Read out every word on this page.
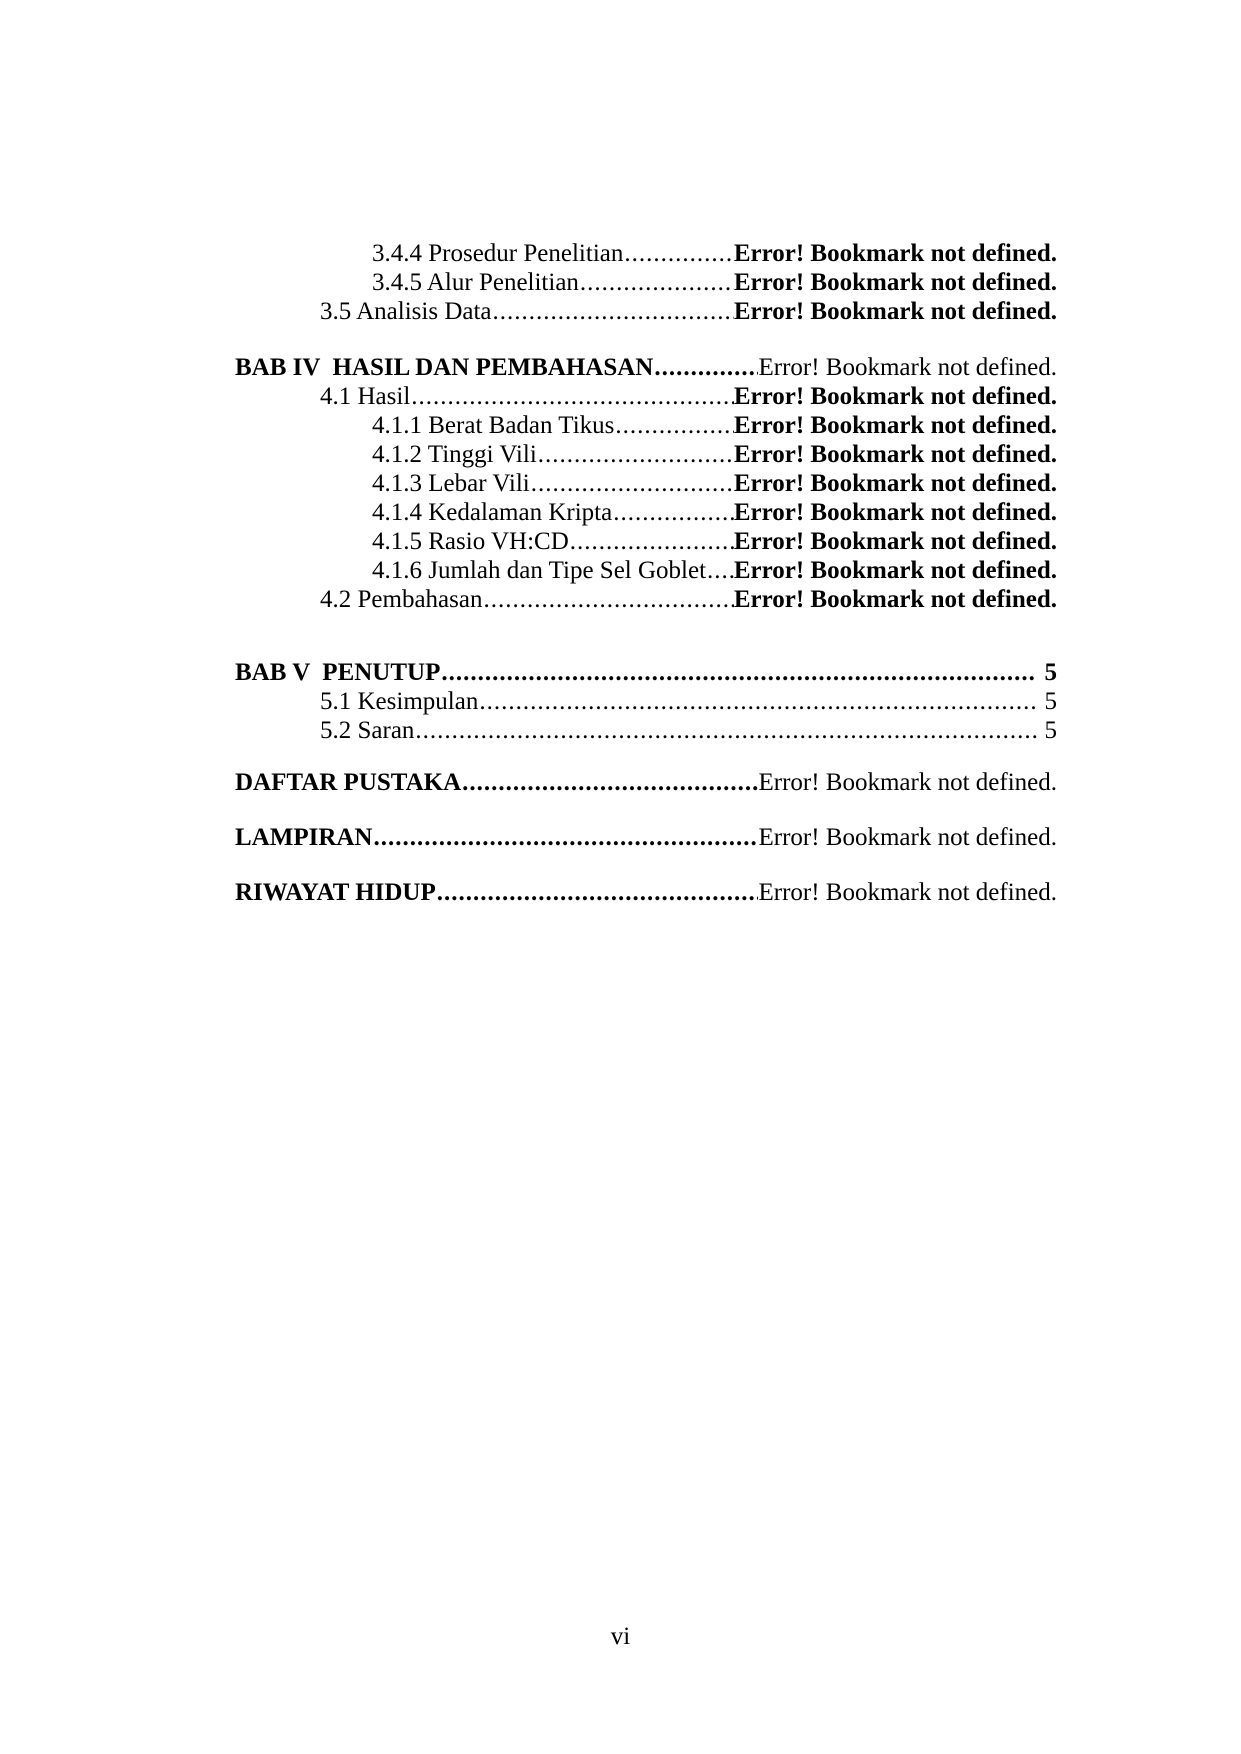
3.4.4 Prosedur Penelitian .....	Error! Bookmark not defined.
3.4.5 Alur Penelitian .....	Error! Bookmark not defined.
3.5 Analisis Data .....	Error! Bookmark not defined.
BAB IV  HASIL DAN PEMBAHASAN .....	Error! Bookmark not defined.
4.1 Hasil .....	Error! Bookmark not defined.
4.1.1 Berat Badan Tikus .....	Error! Bookmark not defined.
4.1.2 Tinggi Vili .....	Error! Bookmark not defined.
4.1.3 Lebar Vili .....	Error! Bookmark not defined.
4.1.4 Kedalaman Kripta .....	Error! Bookmark not defined.
4.1.5 Rasio VH:CD .....	Error! Bookmark not defined.
4.1.6 Jumlah dan Tipe Sel Goblet ..... Error! Bookmark not defined.
4.2 Pembahasan .....	Error! Bookmark not defined.
BAB V  PENUTUP .....	5
5.1 Kesimpulan .....	5
5.2 Saran .....	5
DAFTAR PUSTAKA .....	Error! Bookmark not defined.
LAMPIRAN .....	Error! Bookmark not defined.
RIWAYAT HIDUP .....	Error! Bookmark not defined.
vi
